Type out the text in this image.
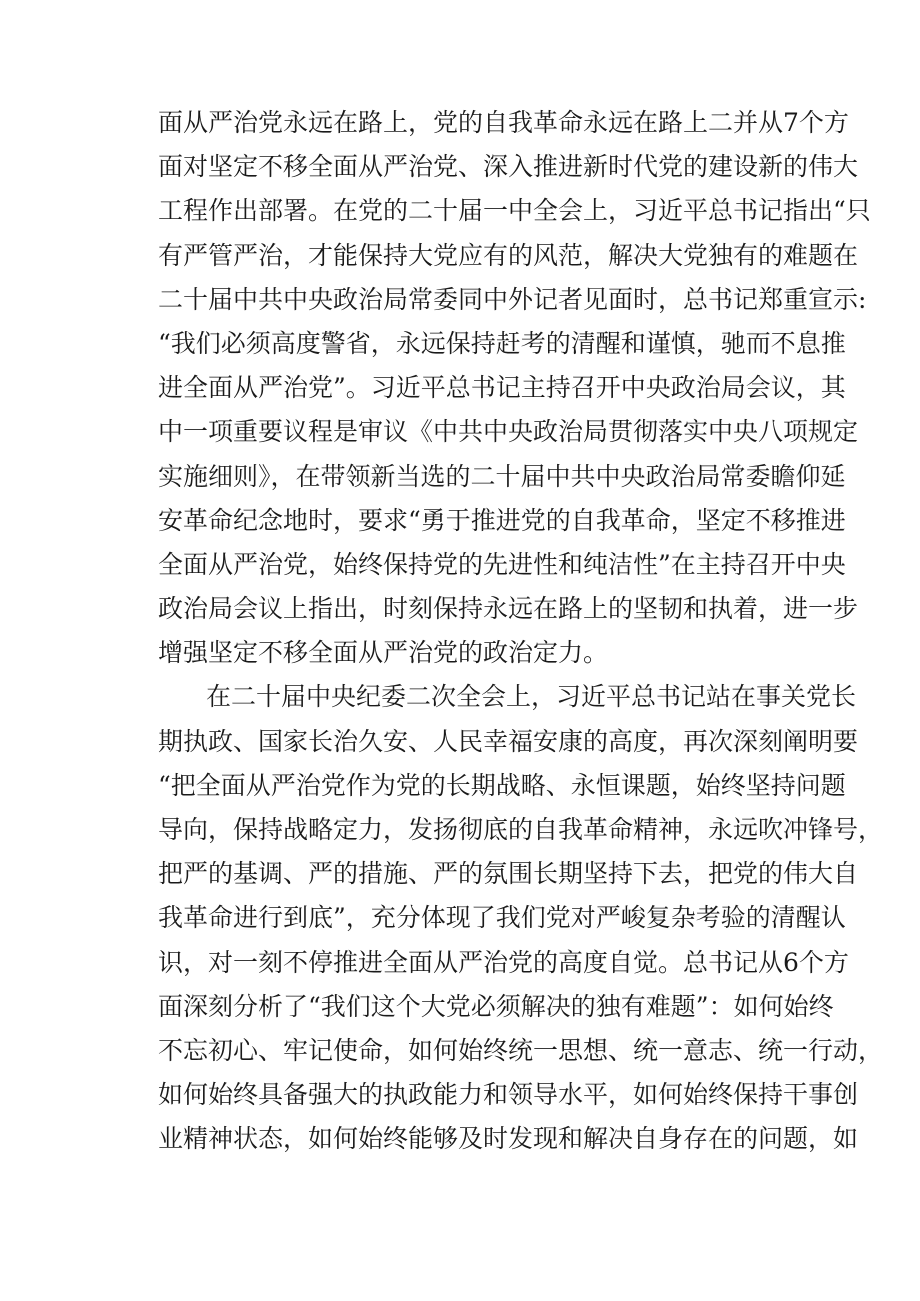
面从严治党永远在路上，党的自我革命永远在路上二并从7个方
面对坚定不移全面从严治党、深入推进新时代党的建设新的伟大
工程作出部署。在党的二十届一中全会上，习近平总书记指出“只
有严管严治，才能保持大党应有的风范，解决大党独有的难题在
二十届中共中央政治局常委同中外记者见面时，总书记郑重宣示:
“我们必须高度警省，永远保持赶考的清醒和谨慎，驰而不息推
进全面从严治党”。习近平总书记主持召开中央政治局会议，其
中一项重要议程是审议《中共中央政治局贯彻落实中央八项规定
实施细则》，在带领新当选的二十届中共中央政治局常委瞻仰延
安革命纪念地时，要求“勇于推进党的自我革命，坚定不移推进
全面从严治党，始终保持党的先进性和纯洁性”在主持召开中央
政治局会议上指出，时刻保持永远在路上的坚韧和执着，进一步
增强坚定不移全面从严治党的政治定力。
在二十届中央纪委二次全会上，习近平总书记站在事关党长
期执政、国家长治久安、人民幸福安康的高度，再次深刻阐明要
“把全面从严治党作为党的长期战略、永恒课题，始终坚持问题
导向，保持战略定力，发扬彻底的自我革命精神，永远吹冲锋号，
把严的基调、严的措施、严的氛围长期坚持下去，把党的伟大自
我革命进行到底”，充分体现了我们党对严峻复杂考验的清醒认
识，对一刻不停推进全面从严治党的高度自觉。总书记从6个方
面深刻分析了“我们这个大党必须解决的独有难题”：如何始终
不忘初心、牢记使命，如何始终统一思想、统一意志、统一行动，
如何始终具备强大的执政能力和领导水平，如何始终保持干事创
业精神状态，如何始终能够及时发现和解决自身存在的问题，如
